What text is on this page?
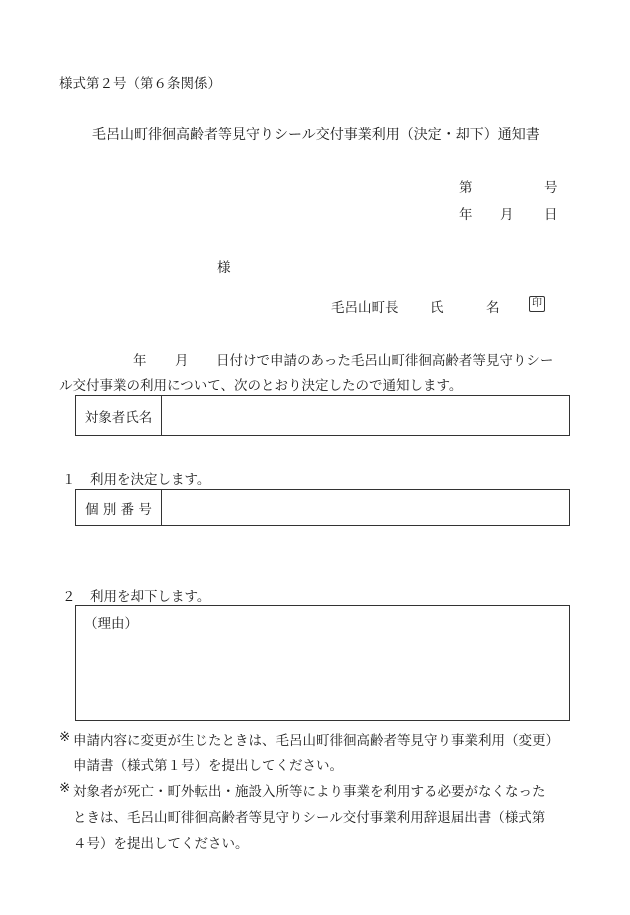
様式第２号（第６条関係）
毛呂山町徘徊高齢者等見守りシール交付事業利用（決定・却下）通知書
第	号
年 月 日
様
毛呂山町長 氏	名	印
年 月 日付けで申請のあった毛呂山町徘徊高齢者等見守りシー
ル交付事業の利用について、次のとおり決定したので通知します。
対象者氏名
１ 利用を決定します。
個 別 番 号
２ 利用を却下します。
（理由）
※ 申請内容に変更が生じたときは、毛呂山町徘徊高齢者等見守り事業利用（変更）
申請書（様式第１号）を提出してください。
※ 対象者が死亡・町外転出・施設入所等により事業を利用する必要がなくなった
ときは、毛呂山町徘徊高齢者等見守りシール交付事業利用辞退届出書（様式第
４号）を提出してください。
